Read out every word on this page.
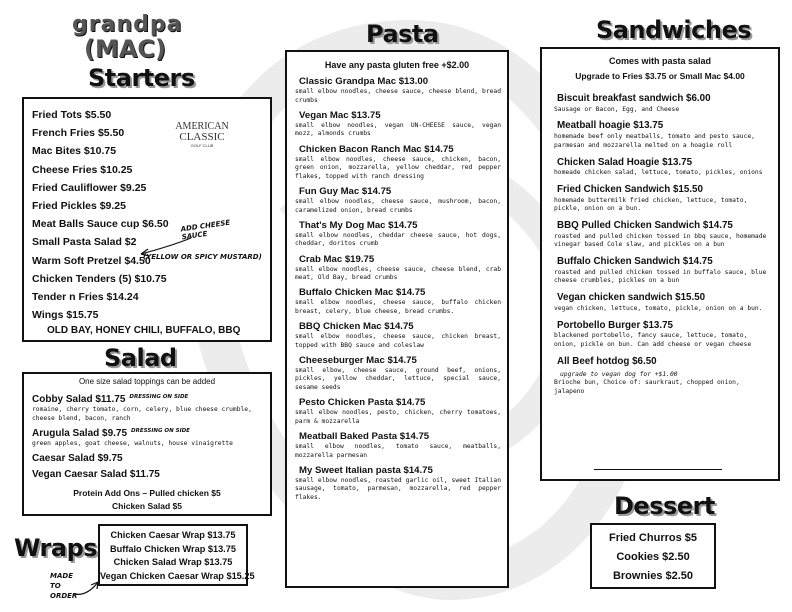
grandpa
(MAC)
Starters
Fried Tots $5.50
French Fries $5.50
Mac Bites $10.75
Cheese Fries $10.25
Fried Cauliflower $9.25
Fried Pickles $9.25
Meat Balls Sauce cup $6.50
Small Pasta Salad $2
Warm Soft Pretzel $4.50
Chicken Tenders (5) $10.75
Tender n Fries $14.24
Wings $15.75
OLD BAY, HONEY CHILI, BUFFALO, BBQ
AMERICAN
CLASSIC
GOLF CLUB
ADD CHEESE SAUCE
(YELLOW OR SPICY MUSTARD)
Salad
One size salad toppings can be added
Cobby Salad $11.75 $^{DRESSING ON SIDE}$
romaine, cherry tomato, corn, celery, blue cheese crumble, cheese blend, bacon, ranch
Arugula Salad $9.75 $^{DRESSING ON SIDE}$
green apples, goat cheese, walnuts, house vinaigrette
Caesar Salad $9.75
Vegan Caesar Salad $11.75
Protein Add Ons – Pulled chicken $5
Chicken Salad $5
Wraps	Chicken Caesar Wrap $13.75
Buffalo Chicken Wrap $13.75
Chicken Salad Wrap $13.75
Vegan Chicken Caesar Wrap $15.25
MADE TO ORDER
Pasta
Have any pasta gluten free +$2.00
Classic Grandpa Mac $13.00
small elbow noodles, cheese sauce, cheese blend, bread crumbs
Vegan Mac $13.75
small elbow noodles, vegan UN-CHEESE sauce, vegan mozz, almonds crumbs
Chicken Bacon Ranch Mac $14.75
small elbow noodles, cheese sauce, chicken, bacon, green onion, mozzarella, yellow cheddar, red pepper flakes, topped with ranch dressing
Fun Guy Mac $14.75
small elbow noodles, cheese sauce, mushroom, bacon, caramelized onion, bread crumbs
That's My Dog Mac $14.75
small elbow noodles, cheddar cheese sauce, hot dogs, cheddar, doritos crumb
Crab Mac $19.75
small elbow noodles, cheese sauce, cheese blend, crab meat, Old Bay, bread crumbs
Buffalo Chicken Mac $14.75
small elbow noodles, cheese sauce, buffalo chicken breast, celery, blue cheese, bread crumbs.
BBQ Chicken Mac $14.75
small elbow noodles, cheese sauce, chicken breast, topped with BBQ sauce and coleslaw
Cheeseburger Mac $14.75
small elbow, cheese sauce, ground beef, onions, pickles, yellow cheddar, lettuce, special sauce, sesame seeds
Pesto Chicken Pasta $14.75
small elbow noodles, pesto, chicken, cherry tomatoes, parm & mozzarella
Meatball Baked Pasta $14.75
small elbow noodles, tomato sauce, meatballs, mozzarella parmesan
My Sweet Italian pasta $14.75
small elbow noodles, roasted garlic oil, sweet Italian sausage, tomato, parmesan, mozzarella, red pepper flakes.
Sandwiches
Comes with pasta salad
Upgrade to Fries $3.75 or Small Mac $4.00
Biscuit breakfast sandwich $6.00
Sausage or Bacon, Egg, and Cheese
Meatball hoagie $13.75
homemade beef only meatballs, tomato and pesto sauce, parmesan and mozzarella melted on a hoagie roll
Chicken Salad Hoagie $13.75
homeade chicken salad, lettuce, tomato, pickles, onions
Fried Chicken Sandwich $15.50
homemade buttermilk fried chicken, lettuce, tomato, pickle, onion on a bun.
BBQ Pulled Chicken Sandwich $14.75
roasted and pulled chicken tossed in bbq sauce, homemade vinegar based Cole slaw, and pickles on a bun
Buffalo Chicken Sandwich $14.75
roasted and pulled chicken tossed in buffalo sauce, blue cheese crumbles, pickles on a bun
Vegan chicken sandwich $15.50
vegan chicken, lettuce, tomato, pickle, onion on a bun.
Portobello Burger $13.75
blackened portobello, fancy sauce, lettuce, tomato, onion, pickle on bun. Can add cheese or vegan cheese
All Beef hotdog $6.50
upgrade to vegan dog for +$1.00
Brioche bun, Choice of: saurkraut, chopped onion, jalapeno
Dessert
Fried Churros $5
Cookies $2.50
Brownies $2.50
